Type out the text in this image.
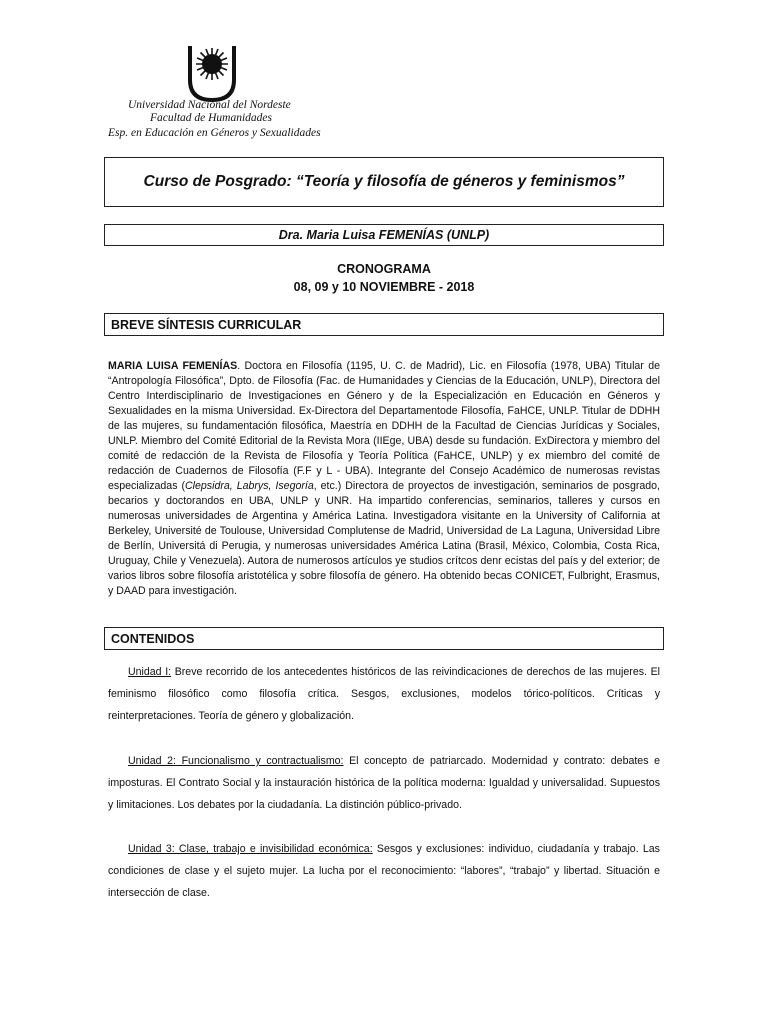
Universidad Nacional del Nordeste
Facultad de Humanidades
Esp. en Educación en Géneros y Sexualidades
Curso de Posgrado: “Teoría y filosofía de géneros y feminismos”
Dra. Maria Luisa FEMENÍAS (UNLP)
CRONOGRAMA
08, 09 y 10 NOVIEMBRE - 2018
BREVE SÍNTESIS CURRICULAR
MARIA LUISA FEMENÍAS. Doctora en Filosofía (1195, U. C. de Madrid), Lic. en Filosofía (1978, UBA) Titular de “Antropología Filosófica”, Dpto. de Filosofía (Fac. de Humanidades y Ciencias de la Educación, UNLP), Directora del Centro Interdisciplinario de Investigaciones en Género y de la Especialización en Educación en Géneros y Sexualidades en la misma Universidad. Ex-Directora del Departamentode Filosofía, FaHCE, UNLP. Titular de DDHH de las mujeres, su fundamentación filosófica, Maestría en DDHH de la Facultad de Ciencias Jurídicas y Sociales, UNLP. Miembro del Comité Editorial de la Revista Mora (IIEge, UBA) desde su fundación. ExDirectora y miembro del comité de redacción de la Revista de Filosofía y Teoría Política (FaHCE, UNLP) y ex miembro del comité de redacción de Cuadernos de Filosofía (F.F y L - UBA). Integrante del Consejo Académico de numerosas revistas especializadas (Clepsidra, Labrys, Isegoría, etc.) Directora de proyectos de investigación, seminarios de posgrado, becarios y doctorandos en UBA, UNLP y UNR. Ha impartido conferencias, seminarios, talleres y cursos en numerosas universidades de Argentina y América Latina. Investigadora visitante en la University of California at Berkeley, Université de Toulouse, Universidad Complutense de Madrid, Universidad de La Laguna, Universidad Libre de Berlín, Universitá di Perugia, y numerosas universidades América Latina (Brasil, México, Colombia, Costa Rica, Uruguay, Chile y Venezuela). Autora de numerosos artículos ye studios crítcos denr ecistas del país y del exterior; de varios libros sobre filosofía aristotélica y sobre filosofía de género. Ha obtenido becas CONICET, Fulbright, Erasmus, y DAAD para investigación.
CONTENIDOS
Unidad I: Breve recorrido de los antecedentes históricos de las reivindicaciones de derechos de las mujeres. El feminismo filosófico como filosofía crítica. Sesgos, exclusiones, modelos tórico-políticos. Críticas y reinterpretaciones. Teoría de género y globalización.
Unidad 2: Funcionalismo y contractualismo: El concepto de patriarcado. Modernidad y contrato: debates e imposturas. El Contrato Social y la instauración histórica de la política moderna: Igualdad y universalidad. Supuestos y limitaciones. Los debates por la ciudadanía. La distinción público-privado.
Unidad 3: Clase, trabajo e invisibilidad económica: Sesgos y exclusiones: individuo, ciudadanía y trabajo. Las condiciones de clase y el sujeto mujer. La lucha por el reconocimiento: “labores”, “trabajo” y libertad. Situación e intersección de clase.
